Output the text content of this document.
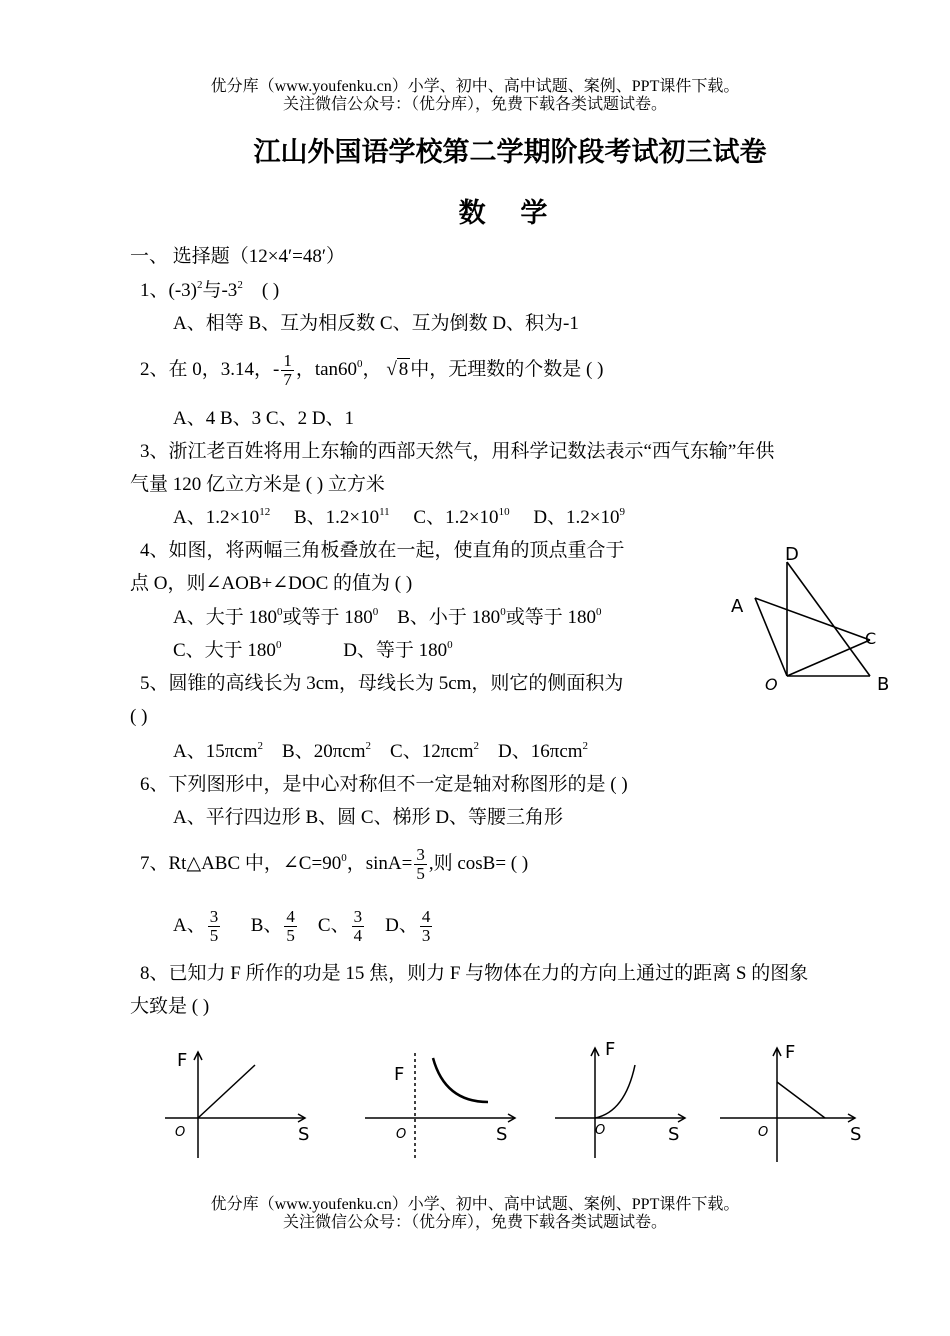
优分库（www.youfenku.cn）小学、初中、高中试题、案例、PPT课件下载。
关注微信公众号：（优分库），免费下载各类试题试卷。
江山外国语学校第二学期阶段考试初三试卷
数 学
一、 选择题（12×4′=48′）
1、$(-3)^2$与$-3^2$ ( )
A、相等 B、互为相反数 C、互为倒数 D、积为-1
2、在 0，3.14，- $\frac{1}{7}$ ，$\tan 60^0$， √ 8 中，无理数的个数是 ( )
A、4 B、3 C、2 D、1
3、浙江老百姓将用上东输的西部天然气，用科学记数法表示“西气东输”年供
气量 120 亿立方米是 ( ) 立方米
A、$1.2\times 10^{12}$ B、$1.2\times 10^{11}$ C、$1.2\times 10^{10}$ D、$1.2\times 10^9$
4、如图，将两幅三角板叠放在一起，使直角的顶点重合于
点 O，则∠AOB+∠DOC 的值为 ( )
A、大于 $180^0$或等于 $180^0$ B、小于 $180^0$或等于 $180^0$
C、大于 $180^0$	D、等于 $180^0$
D
A
C
O	B
5、圆锥的高线长为 3cm，母线长为 5cm，则它的侧面积为
( )
A、15πcm$^2$ B、20πcm$^2$ C、12πcm$^2$ D、16πcm$^2$
6、下列图形中，是中心对称但不一定是轴对称图形的是 ( )
A、平行四边形 B、圆 C、梯形 D、等腰三角形
7、Rt△ABC 中，$\angle C=90^0$，$\sin A= \frac{3}{5}$ ,则 cosB= ( )
A、 $\frac{3}{5}$ B、 $\frac{4}{5}$ C、 $\frac{3}{4}$ D、 $\frac{4}{3}$
8、已知力 F 所作的功是 15 焦，则力 F 与物体在力的方向上通过的距离 S 的图象
大致是 ( )
F
O	S
F
O	S
F
O	S
F
O	S
优分库（www.youfenku.cn）小学、初中、高中试题、案例、PPT课件下载。
关注微信公众号：（优分库），免费下载各类试题试卷。
